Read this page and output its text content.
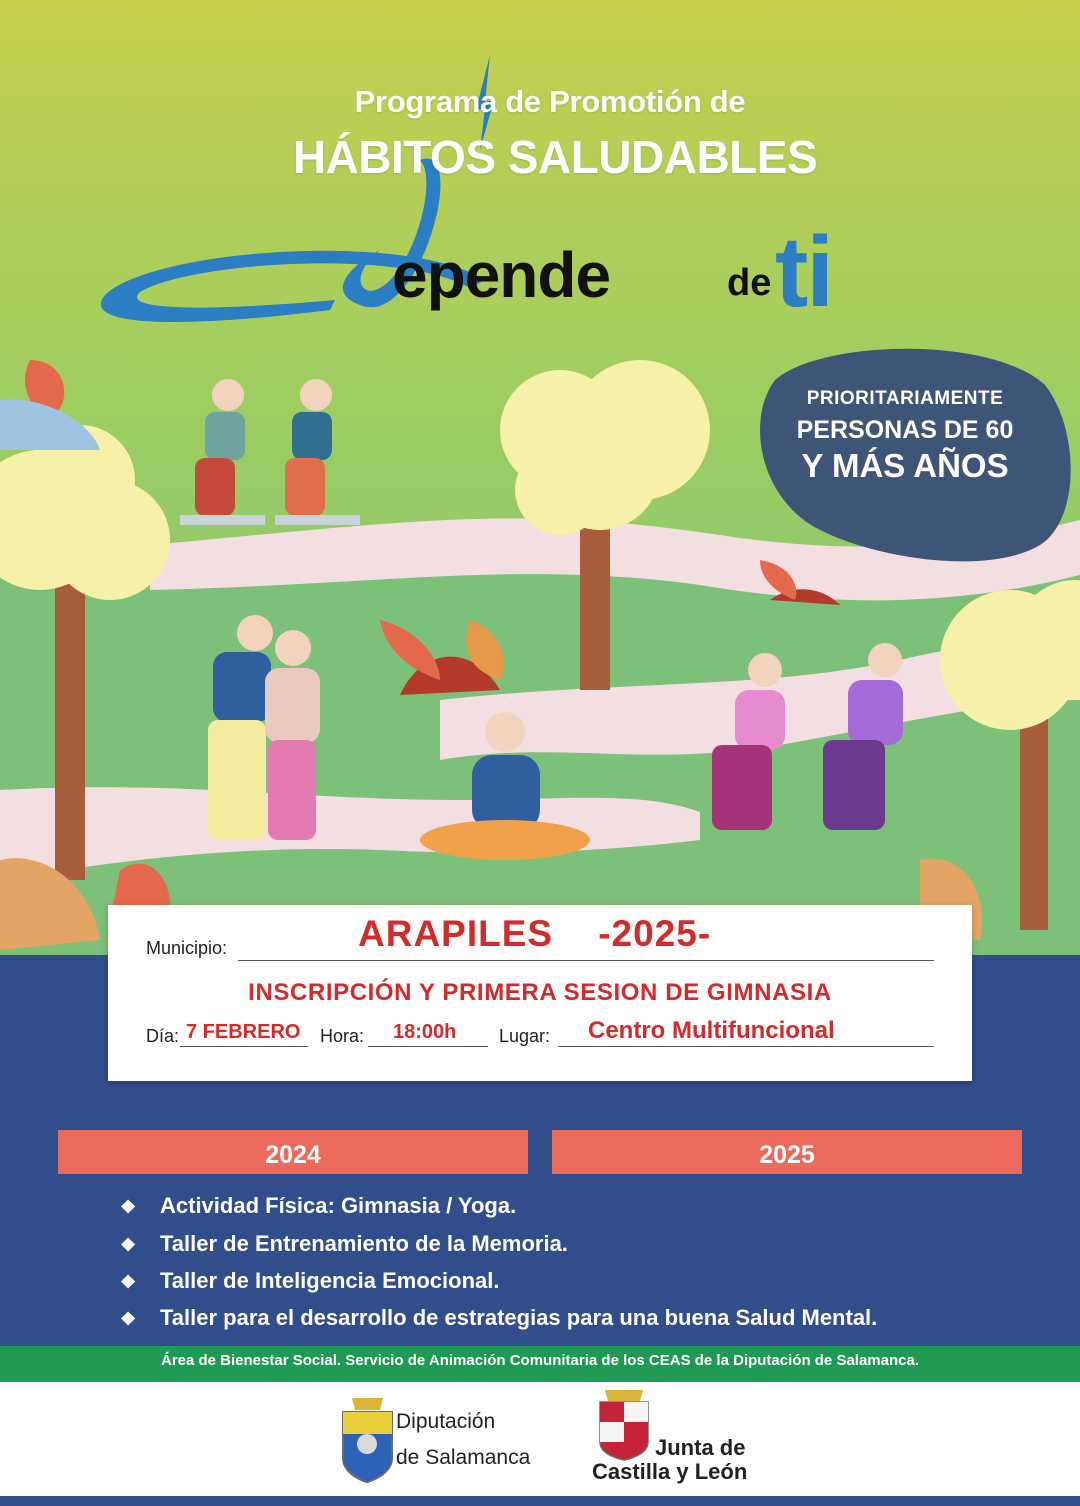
Programa de Promotión de
HÁBITOS SALUDABLES
epende	de ti
PRIORITARIAMENTE
PERSONAS DE 60
Y MÁS AÑOS
Municipio:	ARAPILES    -2025-
INSCRIPCIÓN Y PRIMERA SESION DE GIMNASIA
Día: 7 FEBRERO Hora: 18:00h Lugar: Centro Multifuncional
2024	2025
❖ Actividad Física: Gimnasia / Yoga.
❖ Taller de Entrenamiento de la Memoria.
❖ Taller de Inteligencia Emocional.
❖ Taller para el desarrollo de estrategias para una buena Salud Mental.
Área de Bienestar Social. Servicio de Animación Comunitaria de los CEAS de la Diputación de Salamanca.
Diputación
de Salamanca	Junta de
Castilla y León
